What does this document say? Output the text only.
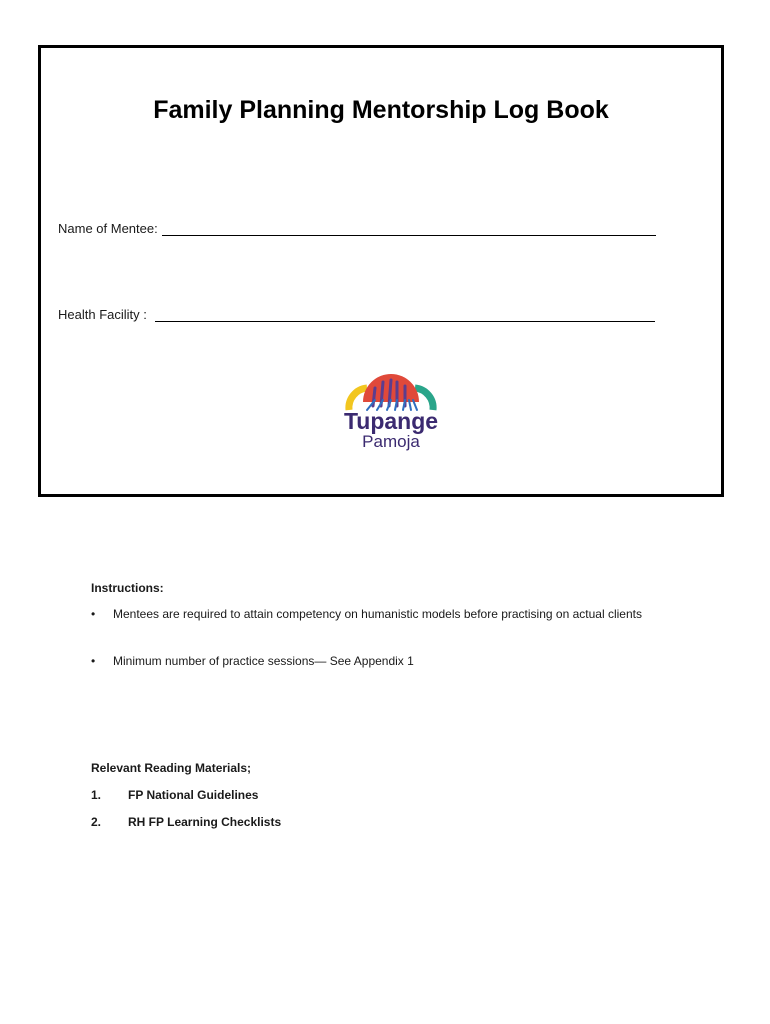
Family Planning Mentorship Log Book
Name of Mentee:
Health Facility :
Tupange
Pamoja
Instructions:
• Mentees are required to attain competency on humanistic models before practising on actual clients
• Minimum number of practice sessions— See Appendix 1
Relevant Reading Materials;
1. FP National Guidelines
2. RH FP Learning Checklists
